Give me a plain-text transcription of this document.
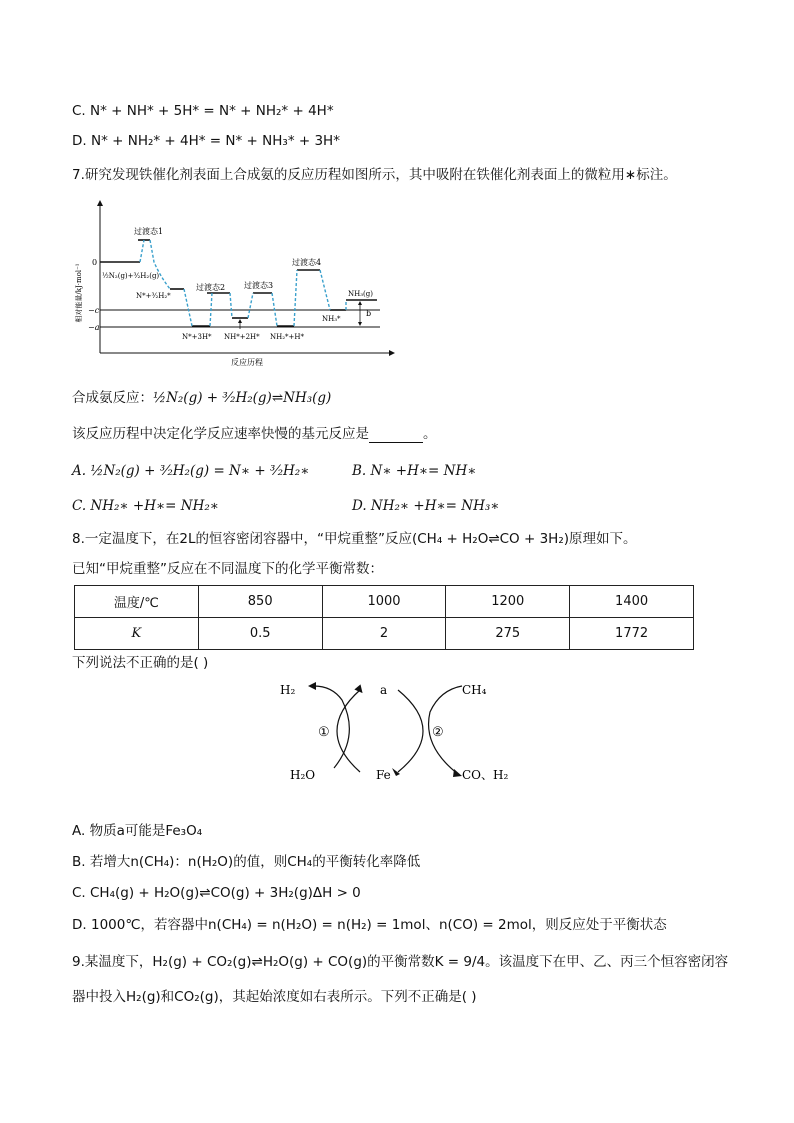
C. N* + NH* + 5H* = N* + NH₂* + 4H*
D. N* + NH₂* + 4H* = N* + NH₃* + 3H*
7.研究发现铁催化剂表面上合成氨的反应历程如图所示，其中吸附在铁催化剂表面上的微粒用∗标注。
相对能量/kJ·mol⁻¹
0
−c
−a
反应历程
过渡态1
过渡态2 过渡态3
过渡态4
½N₂(g)+³⁄₂H₂(g)
N*+³⁄₂H₂*
N*+3H* NH*+2H* NH₂*+H*
NH₃*
NH₃(g)
b
合成氨反应：½N₂(g) + ³⁄₂H₂(g)⇌NH₃(g)
该反应历程中决定化学反应速率快慢的基元反应是	。
A. ½N₂(g) + ³⁄₂H₂(g) = N∗ + ³⁄₂H₂∗	B. N∗ +H∗= NH∗
C. NH₂∗ +H∗= NH₂∗	D. NH₂∗ +H∗= NH₃∗
8.一定温度下，在2L的恒容密闭容器中，“甲烷重整”反应(CH₄ + H₂O⇌CO + 3H₂)原理如下。
已知“甲烷重整”反应在不同温度下的化学平衡常数：
温度/℃	850	1000	1200	1400
K	0.5	2	275	1772
下列说法不正确的是( )
H₂	a	CH₄
①	②
H₂O	Fe	CO、H₂
A. 物质a可能是Fe₃O₄
B. 若增大n(CH₄)：n(H₂O)的值，则CH₄的平衡转化率降低
C. CH₄(g) + H₂O(g)⇌CO(g) + 3H₂(g)ΔH > 0
D. 1000℃，若容器中n(CH₄) = n(H₂O) = n(H₂) = 1mol、n(CO) = 2mol，则反应处于平衡状态
9.某温度下，H₂(g) + CO₂(g)⇌H₂O(g) + CO(g)的平衡常数K = 9/4。该温度下在甲、乙、丙三个恒容密闭容
器中投入H₂(g)和CO₂(g)，其起始浓度如右表所示。下列不正确是( )
